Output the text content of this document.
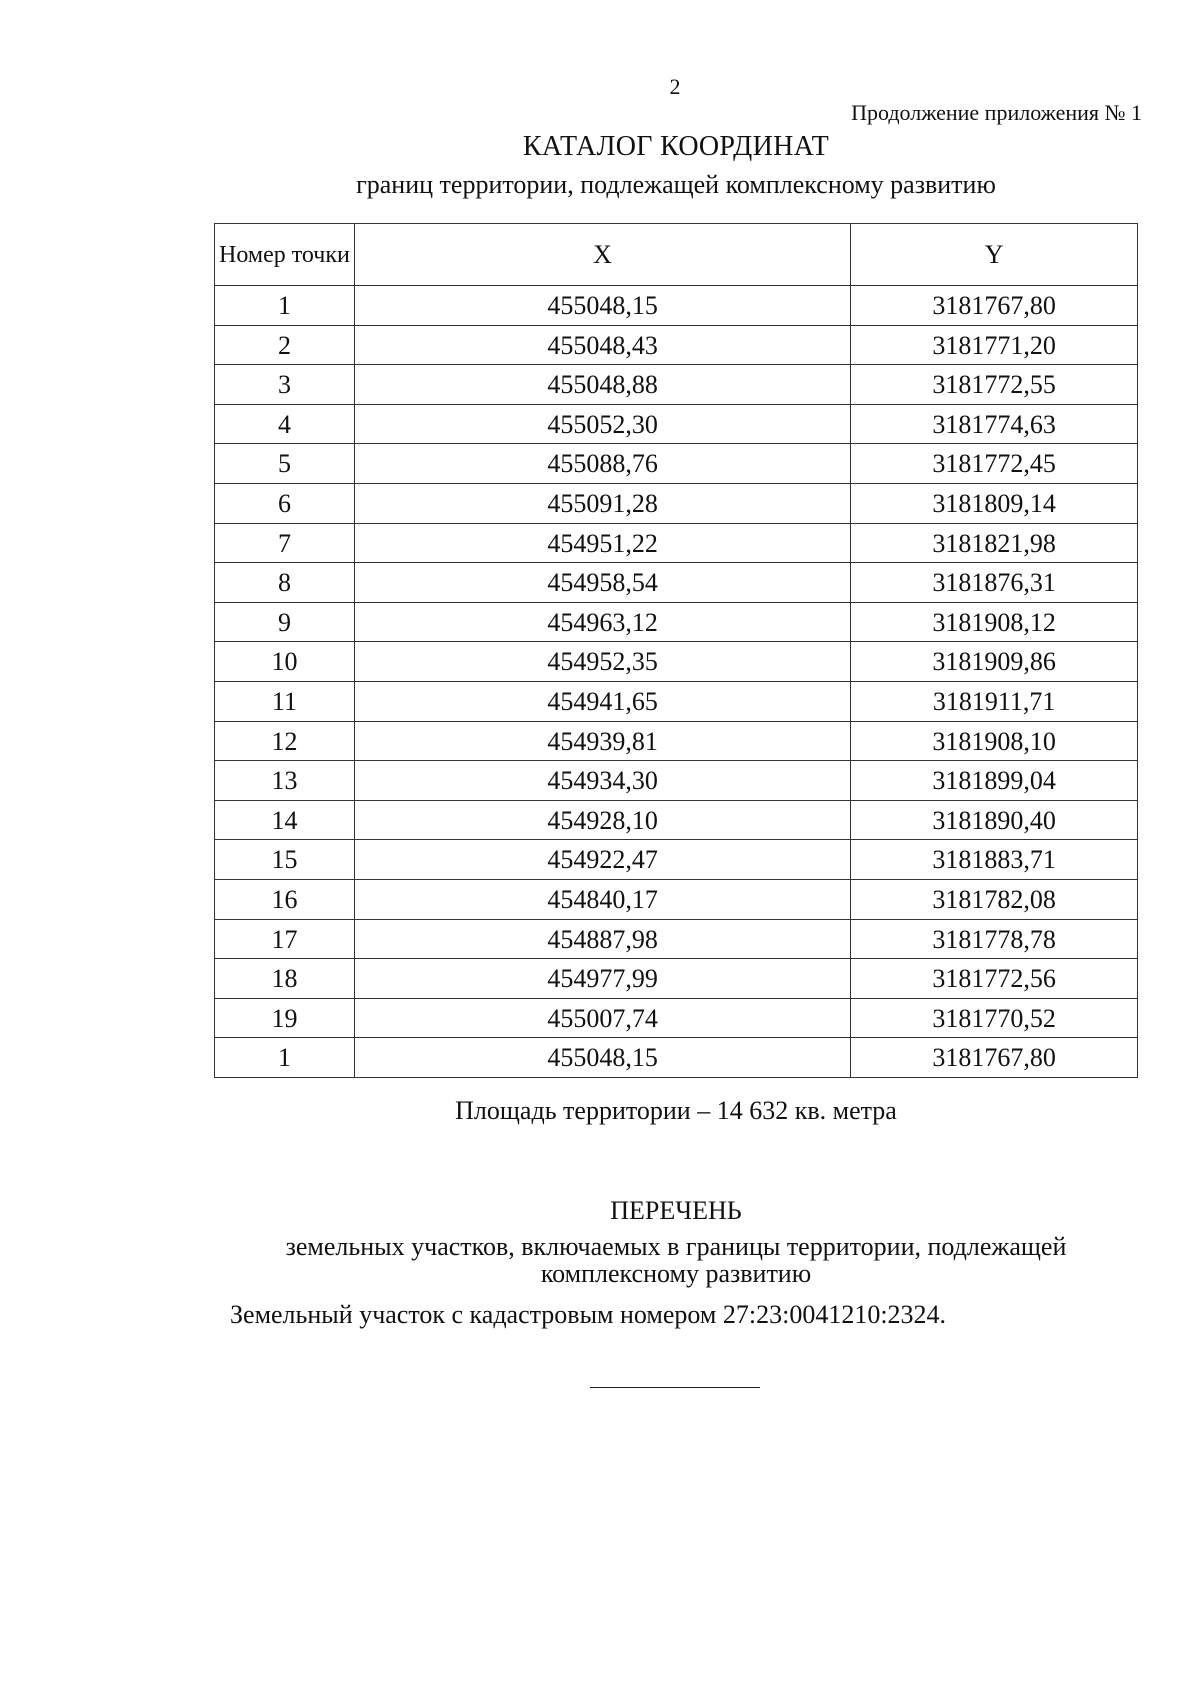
2
Продолжение приложения № 1
КАТАЛОГ КООРДИНАТ
границ территории, подлежащей комплексному развитию
Номер точки	X	Y
1	455048,15	3181767,80
2	455048,43	3181771,20
3	455048,88	3181772,55
4	455052,30	3181774,63
5	455088,76	3181772,45
6	455091,28	3181809,14
7	454951,22	3181821,98
8	454958,54	3181876,31
9	454963,12	3181908,12
10	454952,35	3181909,86
11	454941,65	3181911,71
12	454939,81	3181908,10
13	454934,30	3181899,04
14	454928,10	3181890,40
15	454922,47	3181883,71
16	454840,17	3181782,08
17	454887,98	3181778,78
18	454977,99	3181772,56
19	455007,74	3181770,52
1	455048,15	3181767,80
Площадь территории – 14 632 кв. метра
ПЕРЕЧЕНЬ
земельных участков, включаемых в границы территории, подлежащей комплексному развитию
Земельный участок с кадастровым номером 27:23:0041210:2324.
